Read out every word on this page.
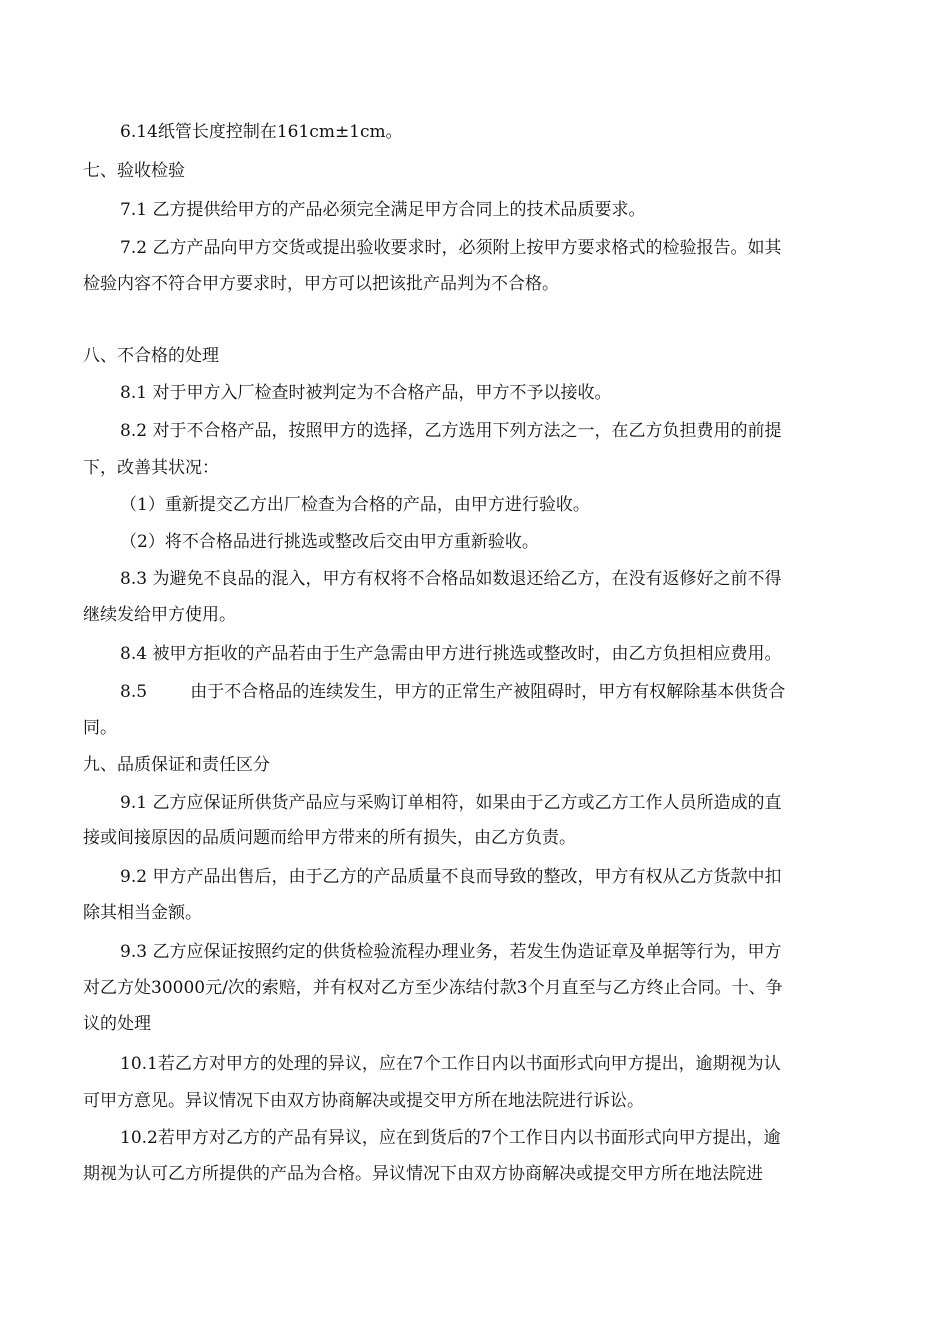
6.14纸管长度控制在161cm±1cm。
七、验收检验
7.1 乙方提供给甲方的产品必须完全满足甲方合同上的技术品质要求。
7.2 乙方产品向甲方交货或提出验收要求时，必须附上按甲方要求格式的检验报告。如其
检验内容不符合甲方要求时，甲方可以把该批产品判为不合格。
八、不合格的处理
8.1 对于甲方入厂检查时被判定为不合格产品，甲方不予以接收。
8.2 对于不合格产品，按照甲方的选择，乙方选用下列方法之一，在乙方负担费用的前提
下，改善其状况：
（1）重新提交乙方出厂检查为合格的产品，由甲方进行验收。
（2）将不合格品进行挑选或整改后交由甲方重新验收。
8.3 为避免不良品的混入，甲方有权将不合格品如数退还给乙方，在没有返修好之前不得
继续发给甲方使用。
8.4 被甲方拒收的产品若由于生产急需由甲方进行挑选或整改时，由乙方负担相应费用。
8.5        由于不合格品的连续发生，甲方的正常生产被阻碍时，甲方有权解除基本供货合
同。
九、品质保证和责任区分
9.1 乙方应保证所供货产品应与采购订单相符，如果由于乙方或乙方工作人员所造成的直
接或间接原因的品质问题而给甲方带来的所有损失，由乙方负责。
9.2 甲方产品出售后，由于乙方的产品质量不良而导致的整改，甲方有权从乙方货款中扣
除其相当金额。
9.3 乙方应保证按照约定的供货检验流程办理业务，若发生伪造证章及单据等行为，甲方
对乙方处30000元/次的索赔，并有权对乙方至少冻结付款3个月直至与乙方终止合同。十、争
议的处理
10.1若乙方对甲方的处理的异议，应在7个工作日内以书面形式向甲方提出，逾期视为认
可甲方意见。异议情况下由双方协商解决或提交甲方所在地法院进行诉讼。
10.2若甲方对乙方的产品有异议，应在到货后的7个工作日内以书面形式向甲方提出，逾
期视为认可乙方所提供的产品为合格。异议情况下由双方协商解决或提交甲方所在地法院进
